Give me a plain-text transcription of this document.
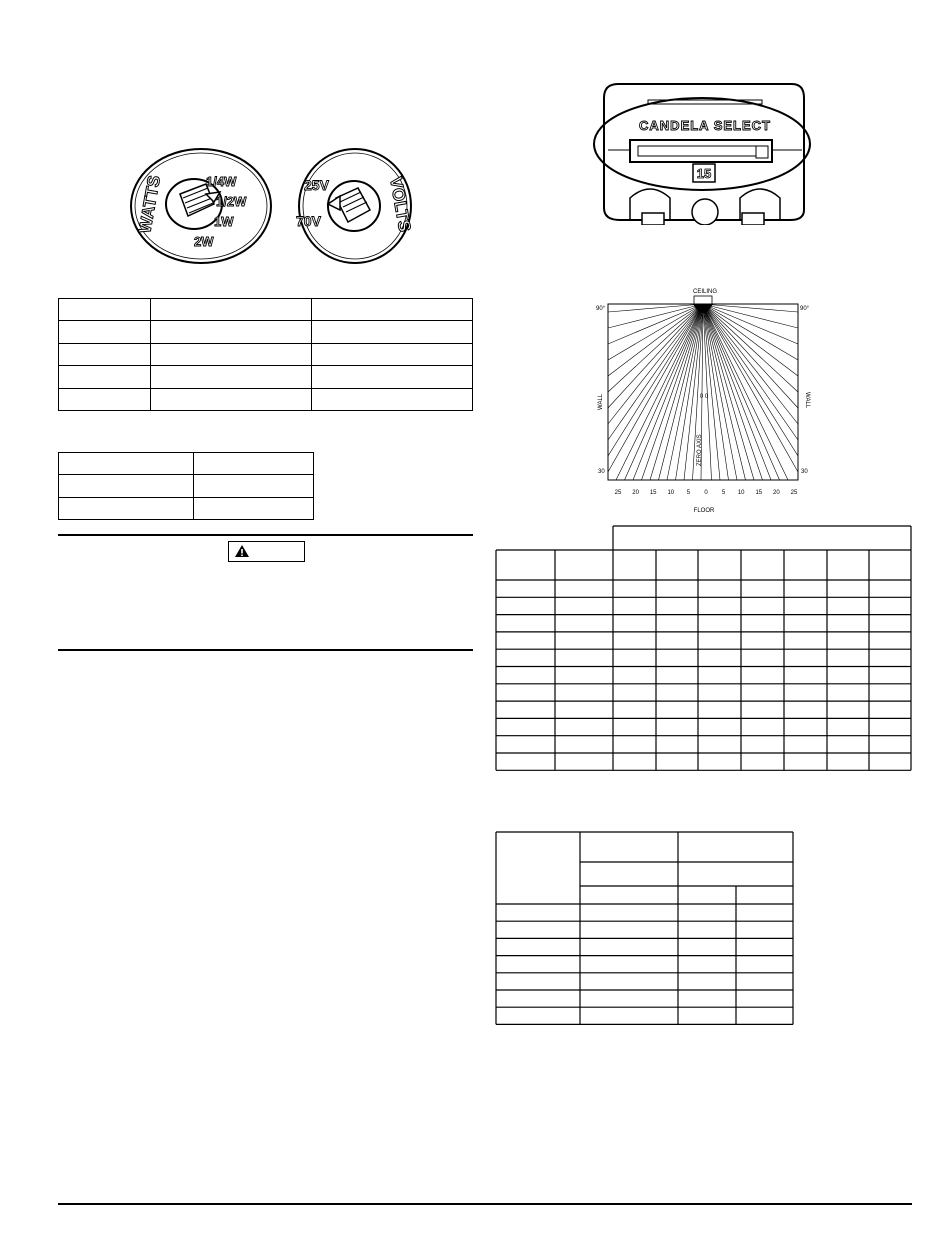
WATTS	1/4W
1/2W
1W
2W
25V
70V	VOLTS
CANDELA SELECT
15
CEILING
90°	90°
WALL	WALL
ZERO AXIS
0 0
30	30
25 20 15 10 5 0 5 10 15 20 25
FLOOR
